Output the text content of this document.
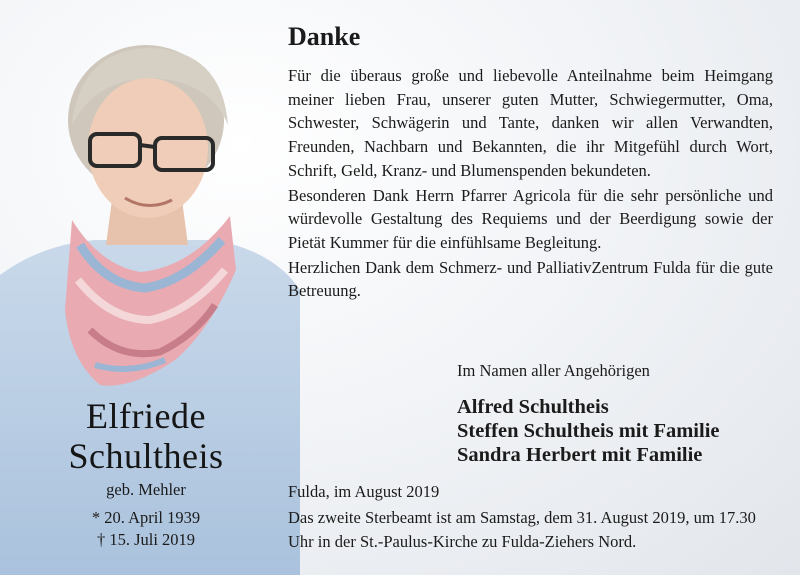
Elfriede
Schultheis
geb. Mehler
* 20. April 1939
† 15. Juli 2019
Danke

Für die überaus große und liebevolle Anteilnahme beim Heimgang meiner lieben Frau, unserer guten Mutter, Schwiegermutter, Oma, Schwester, Schwägerin und Tante, danken wir allen Verwandten, Freunden, Nachbarn und Bekannten, die ihr Mitgefühl durch Wort, Schrift, Geld, Kranz- und Blumenspenden bekundeten.

Besonderen Dank Herrn Pfarrer Agricola für die sehr persönliche und würdevolle Gestaltung des Requiems und der Beerdigung sowie der Pietät Kummer für die einfühlsame Begleitung.

Herzlichen Dank dem Schmerz- und PalliativZentrum Fulda für die gute Betreuung.

Im Namen aller Angehörigen
Alfred Schultheis
Steffen Schultheis mit Familie
Sandra Herbert mit Familie
Fulda, im August 2019
Das zweite Sterbeamt ist am Samstag, dem 31. August 2019, um 17.30 Uhr in der St.-Paulus-Kirche zu Fulda-Ziehers Nord.
